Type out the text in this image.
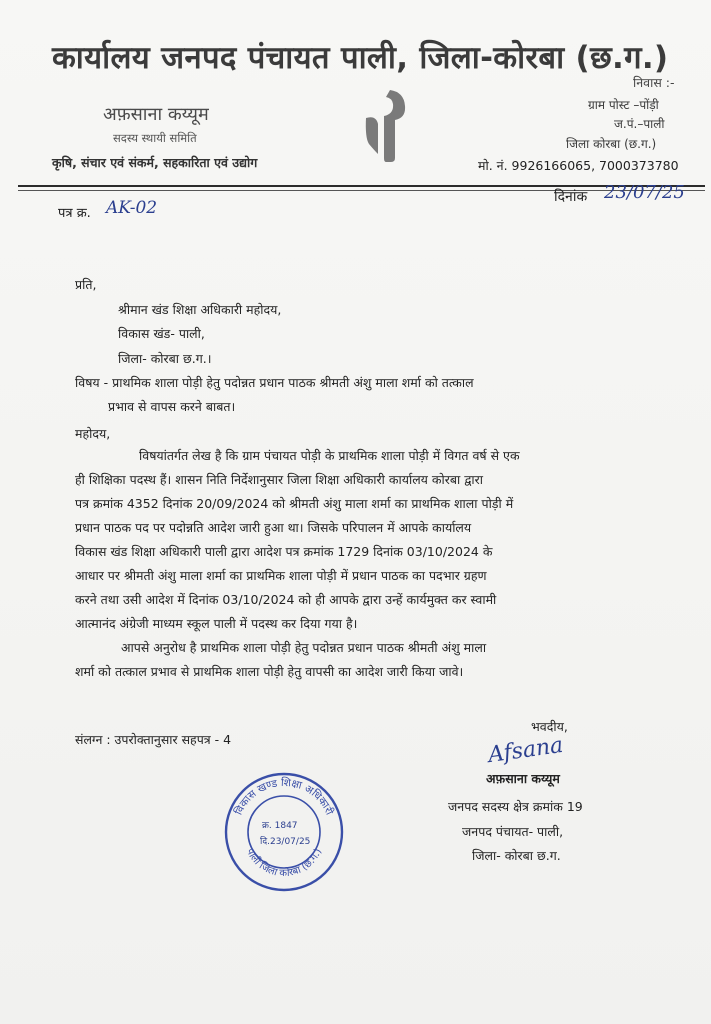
कार्यालय जनपद पंचायत पाली, जिला-कोरबा (छ.ग.)
निवास :-
अफ़साना कय्यूम
सदस्य स्थायी समिति
कृषि, संचार एवं संकर्म, सहकारिता एवं उद्योग
ग्राम पोस्ट –पोंड़ी
ज.पं.–पाली
जिला कोरबा (छ.ग.)
मो. नं. 9926166065, 7000373780
पत्र क्र. AK-02
दिनांक 23/07/25
प्रति,
श्रीमान खंड शिक्षा अधिकारी महोदय,
विकास खंड- पाली,
जिला- कोरबा छ.ग.।
विषय - प्राथमिक शाला पोड़ी हेतु पदोन्नत प्रधान पाठक श्रीमती अंशु माला शर्मा को तत्काल
प्रभाव से वापस करने बाबत।
महोदय,
विषयांतर्गत लेख है कि ग्राम पंचायत पोड़ी के प्राथमिक शाला पोड़ी में विगत वर्ष से एक
ही शिक्षिका पदस्थ हैं। शासन निति निर्देशानुसार जिला शिक्षा अधिकारी कार्यालय कोरबा द्वारा
पत्र क्रमांक 4352 दिनांक 20/09/2024 को श्रीमती अंशु माला शर्मा का प्राथमिक शाला पोड़ी में
प्रधान पाठक पद पर पदोन्नति आदेश जारी हुआ था। जिसके परिपालन में आपके कार्यालय
विकास खंड शिक्षा अधिकारी पाली द्वारा आदेश पत्र क्रमांक 1729 दिनांक 03/10/2024 के
आधार पर श्रीमती अंशु माला शर्मा का प्राथमिक शाला पोड़ी में प्रधान पाठक का पदभार ग्रहण
करने तथा उसी आदेश में दिनांक 03/10/2024 को ही आपके द्वारा उन्हें कार्यमुक्त कर स्वामी
आत्मानंद अंग्रेजी माध्यम स्कूल पाली में पदस्थ कर दिया गया है।
आपसे अनुरोध है प्राथमिक शाला पोड़ी हेतु पदोन्नत प्रधान पाठक श्रीमती अंशु माला
शर्मा को तत्काल प्रभाव से प्राथमिक शाला पोड़ी हेतु वापसी का आदेश जारी किया जावे।
संलग्न : उपरोक्तानुसार सहपत्र - 4
भवदीय,
Afsana
अफ़साना कय्यूम
जनपद सदस्य क्षेत्र क्रमांक 19
जनपद पंचायत- पाली,
जिला- कोरबा छ.ग.
विकास खण्ड शिक्षा अधिकारी
पाली जिला कोरबा (छ.ग.)
क्र. 1847
दि.23/07/25
